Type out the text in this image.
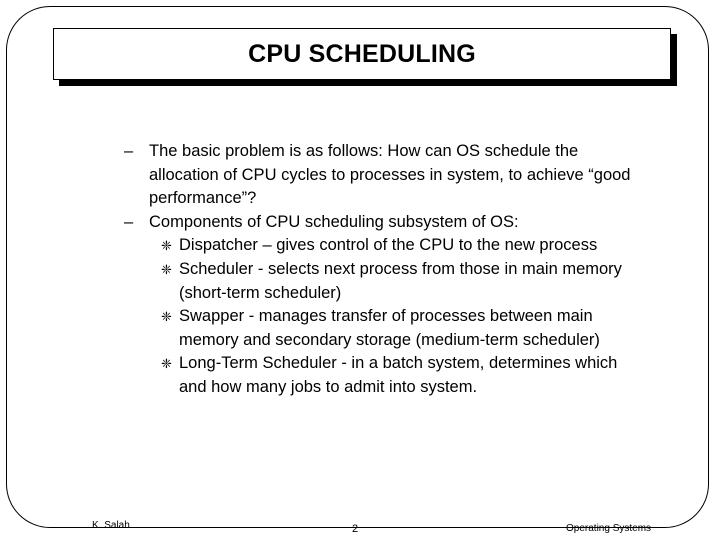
CPU SCHEDULING
– The basic problem is as follows: How can OS schedule the allocation of CPU cycles to processes in system, to achieve “good performance”?
– Components of CPU scheduling subsystem of OS:
❈ Dispatcher – gives control of the CPU to the new process
❈ Scheduler - selects next process from those in main memory (short-term scheduler)
❈ Swapper - manages transfer of processes between main memory and secondary storage (medium-term scheduler)
❈ Long-Term Scheduler - in a batch system, determines which and how many jobs to admit into system.
K. Salah	2	Operating Systems
